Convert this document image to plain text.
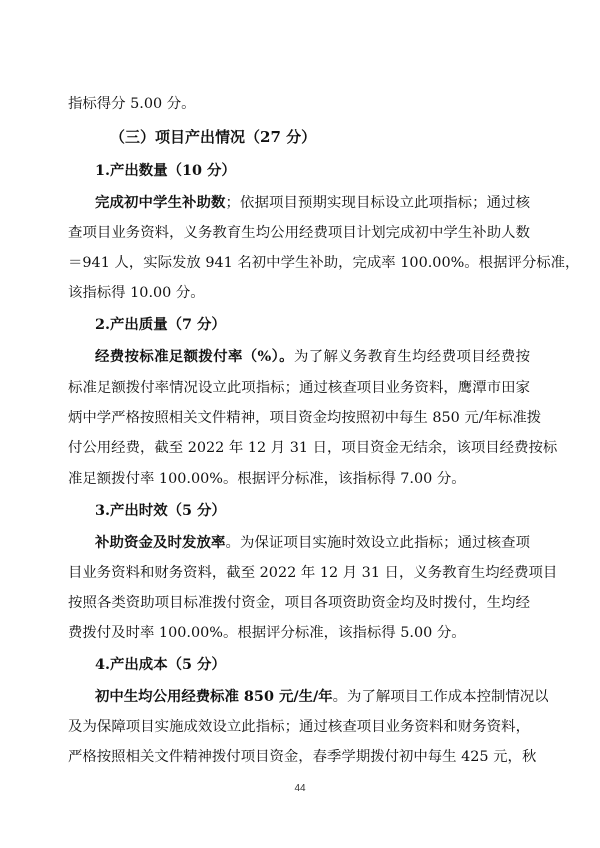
指标得分 5.00 分。
（三）项目产出情况（27 分）
1.产出数量（10 分）
完成初中学生补助数；依据项目预期实现目标设立此项指标；通过核
查项目业务资料，义务教育生均公用经费项目计划完成初中学生补助人数
＝941 人，实际发放 941 名初中学生补助，完成率 100.00%。根据评分标准，
该指标得 10.00 分。
2.产出质量（7 分）
经费按标准足额拨付率（%）。为了解义务教育生均经费项目经费按
标准足额拨付率情况设立此项指标；通过核查项目业务资料，鹰潭市田家
炳中学严格按照相关文件精神，项目资金均按照初中每生 850 元/年标准拨
付公用经费，截至 2022 年 12 月 31 日，项目资金无结余，该项目经费按标
准足额拨付率 100.00%。根据评分标准，该指标得 7.00 分。
3.产出时效（5 分）
补助资金及时发放率。为保证项目实施时效设立此指标；通过核查项
目业务资料和财务资料，截至 2022 年 12 月 31 日，义务教育生均经费项目
按照各类资助项目标准拨付资金，项目各项资助资金均及时拨付，生均经
费拨付及时率 100.00%。根据评分标准，该指标得 5.00 分。
4.产出成本（5 分）
初中生均公用经费标准 850 元/生/年。为了解项目工作成本控制情况以
及为保障项目实施成效设立此指标；通过核查项目业务资料和财务资料，
严格按照相关文件精神拨付项目资金，春季学期拨付初中每生 425 元，秋
44
